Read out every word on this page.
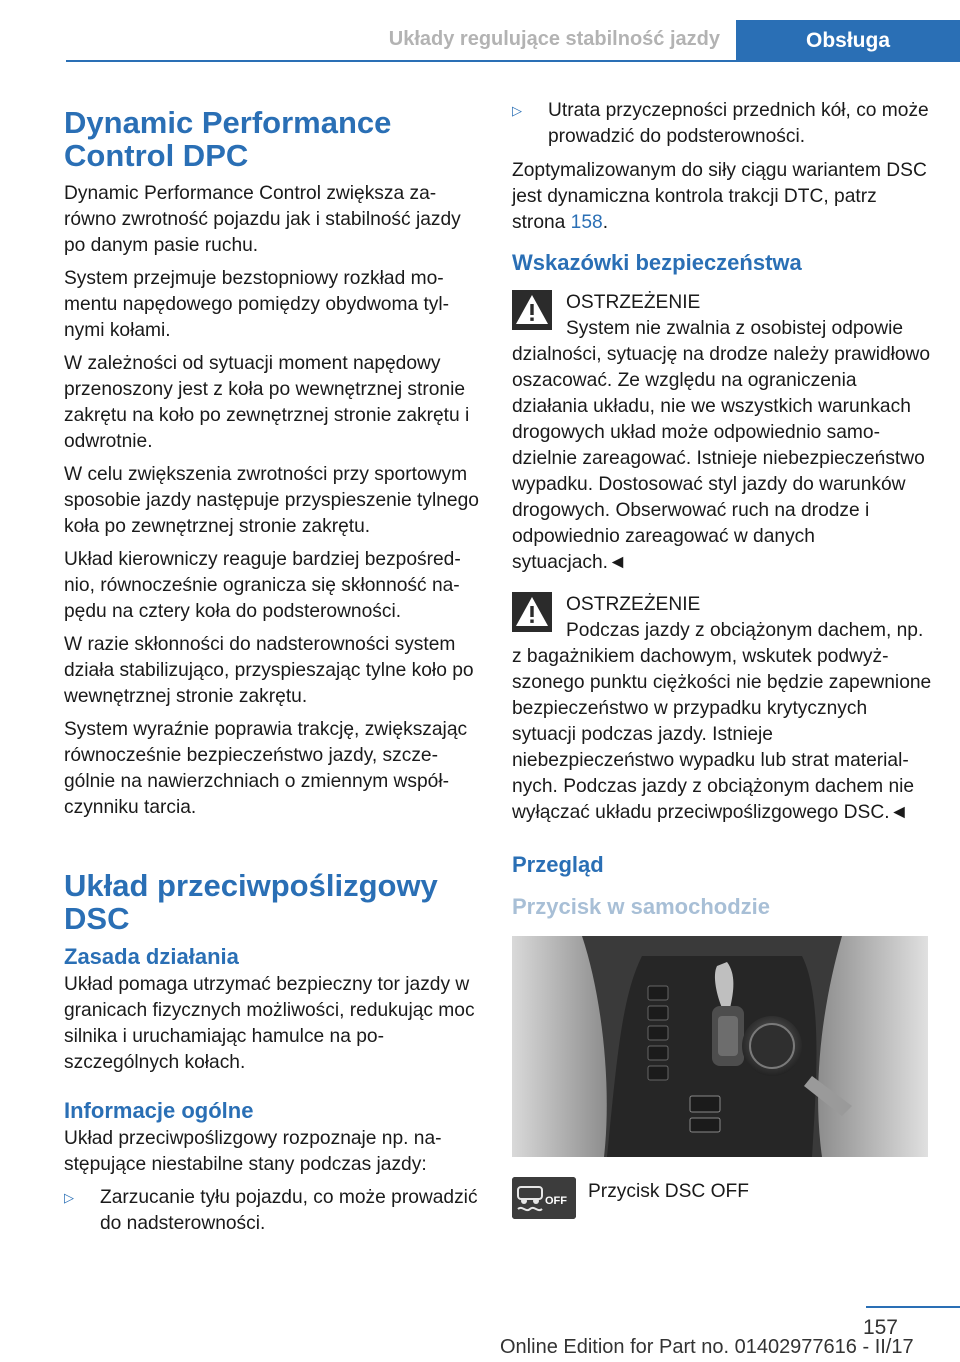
Układy regulujące stabilność jazdy	Obsługa
Dynamic Performance Control DPC

Dynamic Performance Control zwiększa zarówno zwrotność pojazdu jak i stabilność jazdy po danym pasie ruchu.

System przejmuje bezstopniowy rozkład momentu napędowego pomiędzy obydwoma tylnymi kołami.

W zależności od sytuacji moment napędowy przenoszony jest z koła po wewnętrznej stronie zakrętu na koło po zewnętrznej stronie zakrętu i odwrotnie.

W celu zwiększenia zwrotności przy sportowym sposobie jazdy następuje przyspieszenie tylnego koła po zewnętrznej stronie zakrętu.

Układ kierowniczy reaguje bardziej bezpośrednio, równocześnie ogranicza się skłonność napędu na cztery koła do podsterowności.

W razie skłonności do nadsterowności system działa stabilizująco, przyspieszając tylne koło po wewnętrznej stronie zakrętu.

System wyraźnie poprawia trakcję, zwiększając równocześnie bezpieczeństwo jazdy, szczególnie na nawierzchniach o zmiennym współczynniku tarcia.

Układ przeciwpoślizgowy DSC
Zasada działania

Układ pomaga utrzymać bezpieczny tor jazdy w granicach fizycznych możliwości, redukując moc silnika i uruchamiając hamulce na poszczególnych kołach.

Informacje ogólne

Układ przeciwpoślizgowy rozpoznaje np. następujące niestabilne stany podczas jazdy:

▷ Zarzucanie tyłu pojazdu, co może prowadzić do nadsterowności.
▷ Utrata przyczepności przednich kół, co może prowadzić do podsterowności.

Zoptymalizowanym do siły ciągu wariantem DSC jest dynamiczna kontrola trakcji DTC, patrz strona 158.

Wskazówki bezpieczeństwa
OSTRZEŻENIE
System nie zwalnia z osobistej odpowie
dzialności, sytuację na drodze należy prawidłowo oszacować. Ze względu na ograniczenia działania układu, nie we wszystkich warunkach drogowych układ może odpowiednio samodzielnie zareagować. Istnieje niebezpieczeństwo wypadku. Dostosować styl jazdy do warunków drogowych. Obserwować ruch na drodze i odpowiednio zareagować w danych sytuacjach.◄
OSTRZEŻENIE
Podczas jazdy z obciążonym dachem, np.
z bagażnikiem dachowym, wskutek podwyższonego punktu ciężkości nie będzie zapewnione bezpieczeństwo w przypadku krytycznych sytuacji podczas jazdy. Istnieje niebezpieczeństwo wypadku lub strat materialnych. Podczas jazdy z obciążonym dachem nie wyłączać układu przeciwpoślizgowego DSC.◄
Przegląd
Przycisk w samochodzie
OFF Przycisk DSC OFF
157
Online Edition for Part no. 01402977616 - II/17
